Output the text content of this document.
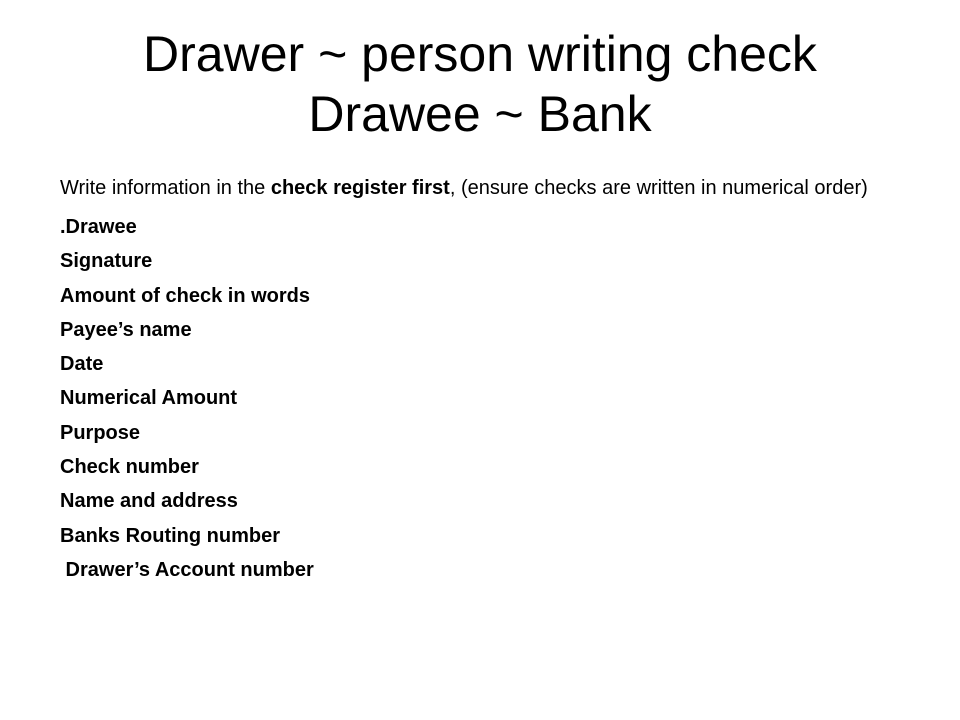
Drawer ~ person writing check
Drawee ~ Bank

Write information in the check register first, (ensure checks are written in numerical order)

.Drawee
Signature
Amount of check in words
Payee’s name
Date
Numerical Amount
Purpose
Check number
Name and address
Banks Routing number
Drawer’s Account number
